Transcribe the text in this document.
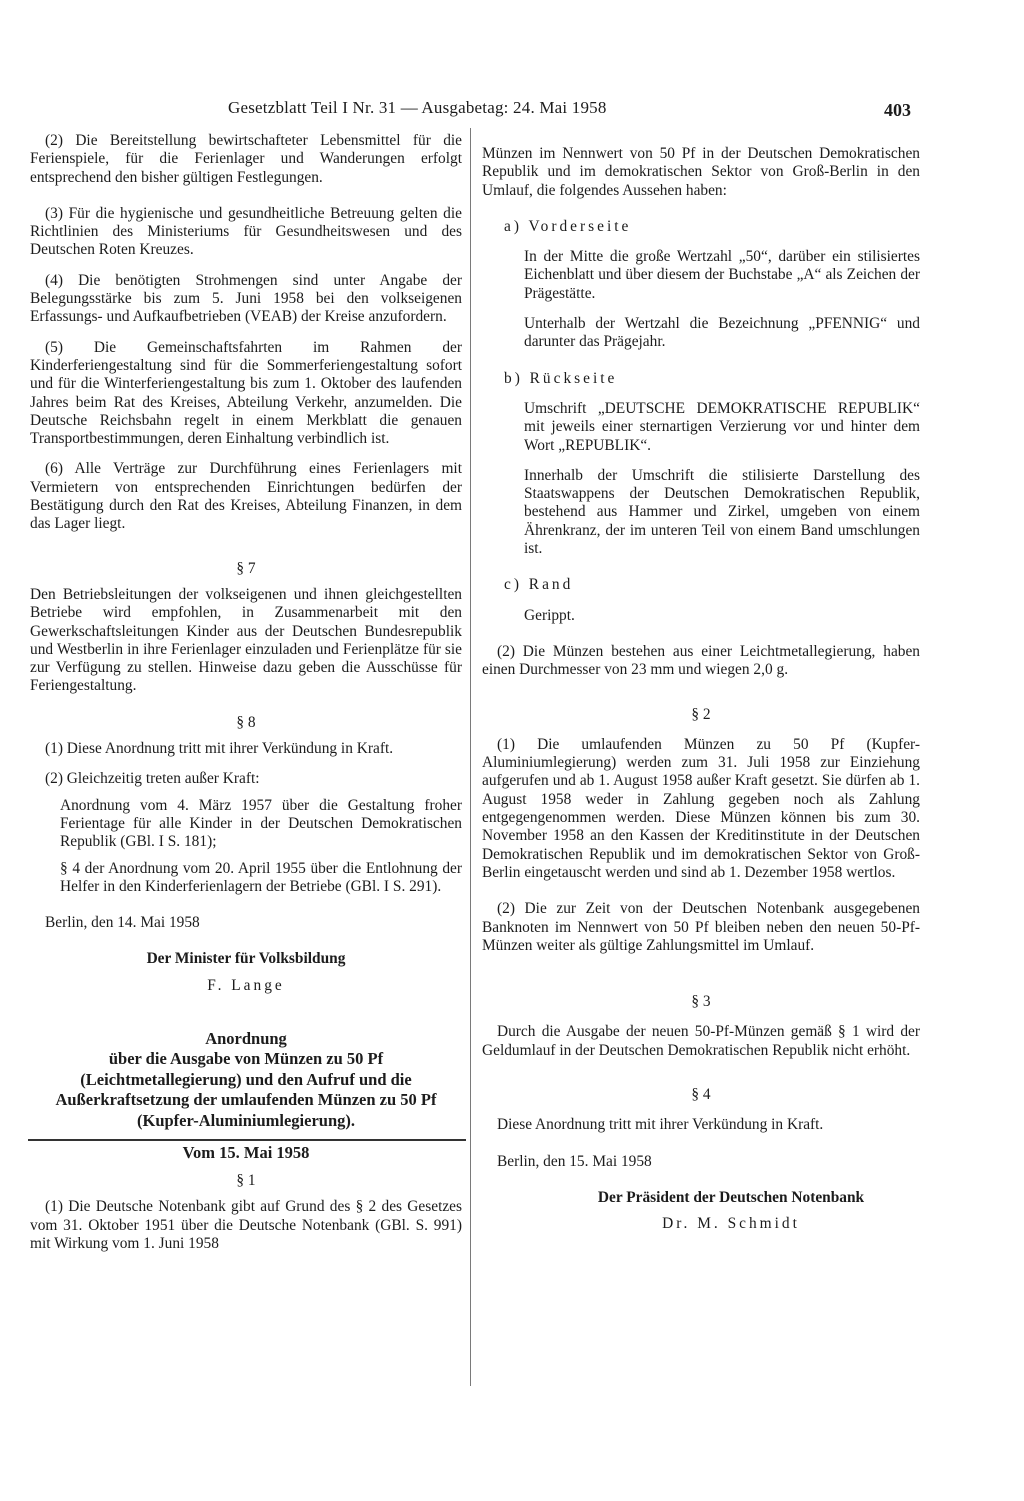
Gesetzblatt Teil I Nr. 31 — Ausgabetag: 24. Mai 1958	403

(2) Die Bereitstellung bewirtschafteter Lebensmittel für die Ferienspiele, für die Ferienlager und Wanderungen erfolgt entsprechend den bisher gültigen Festlegungen.

(3) Für die hygienische und gesundheitliche Betreuung gelten die Richtlinien des Ministeriums für Gesundheitswesen und des Deutschen Roten Kreuzes.

(4) Die benötigten Strohmengen sind unter Angabe der Belegungsstärke bis zum 5. Juni 1958 bei den volkseigenen Erfassungs- und Aufkaufbetrieben (VEAB) der Kreise anzufordern.

(5) Die Gemeinschaftsfahrten im Rahmen der Kinderferiengestaltung sind für die Sommerferiengestaltung sofort und für die Winterferiengestaltung bis zum 1. Oktober des laufenden Jahres beim Rat des Kreises, Abteilung Verkehr, anzumelden. Die Deutsche Reichsbahn regelt in einem Merkblatt die genauen Transportbestimmungen, deren Einhaltung verbindlich ist.

(6) Alle Verträge zur Durchführung eines Ferienlagers mit Vermietern von entsprechenden Einrichtungen bedürfen der Bestätigung durch den Rat des Kreises, Abteilung Finanzen, in dem das Lager liegt.

§ 7

Den Betriebsleitungen der volkseigenen und ihnen gleichgestellten Betriebe wird empfohlen, in Zusammenarbeit mit den Gewerkschaftsleitungen Kinder aus der Deutschen Bundesrepublik und Westberlin in ihre Ferienlager einzuladen und Ferienplätze für sie zur Verfügung zu stellen. Hinweise dazu geben die Ausschüsse für Feriengestaltung.

§ 8

(1) Diese Anordnung tritt mit ihrer Verkündung in Kraft.

(2) Gleichzeitig treten außer Kraft:

Anordnung vom 4. März 1957 über die Gestaltung froher Ferientage für alle Kinder in der Deutschen Demokratischen Republik (GBl. I S. 181);

§ 4 der Anordnung vom 20. April 1955 über die Entlohnung der Helfer in den Kinderferienlagern der Betriebe (GBl. I S. 291).

Berlin, den 14. Mai 1958

Der Minister für Volksbildung

F. Lange

Anordnung

über die Ausgabe von Münzen zu 50 Pf (Leichtmetallegierung) und den Aufruf und die Außerkraftsetzung der umlaufenden Münzen zu 50 Pf (Kupfer-Aluminiumlegierung).

Vom 15. Mai 1958

§ 1

(1) Die Deutsche Notenbank gibt auf Grund des § 2 des Gesetzes vom 31. Oktober 1951 über die Deutsche Notenbank (GBl. S. 991) mit Wirkung vom 1. Juni 1958

Münzen im Nennwert von 50 Pf in der Deutschen Demokratischen Republik und im demokratischen Sektor von Groß-Berlin in den Umlauf, die folgendes Aussehen haben:

a) Vorderseite

In der Mitte die große Wertzahl „50“, darüber ein stilisiertes Eichenblatt und über diesem der Buchstabe „A“ als Zeichen der Prägestätte.

Unterhalb der Wertzahl die Bezeichnung „PFENNIG“ und darunter das Prägejahr.

b) Rückseite

Umschrift „DEUTSCHE DEMOKRATISCHE REPUBLIK“ mit jeweils einer sternartigen Verzierung vor und hinter dem Wort „REPUBLIK“.

Innerhalb der Umschrift die stilisierte Darstellung des Staatswappens der Deutschen Demokratischen Republik, bestehend aus Hammer und Zirkel, umgeben von einem Ährenkranz, der im unteren Teil von einem Band umschlungen ist.

c) Rand

Gerippt.

(2) Die Münzen bestehen aus einer Leichtmetallegierung, haben einen Durchmesser von 23 mm und wiegen 2,0 g.

§ 2

(1) Die umlaufenden Münzen zu 50 Pf (Kupfer-Aluminiumlegierung) werden zum 31. Juli 1958 zur Einziehung aufgerufen und ab 1. August 1958 außer Kraft gesetzt. Sie dürfen ab 1. August 1958 weder in Zahlung gegeben noch als Zahlung entgegengenommen werden. Diese Münzen können bis zum 30. November 1958 an den Kassen der Kreditinstitute in der Deutschen Demokratischen Republik und im demokratischen Sektor von Groß-Berlin eingetauscht werden und sind ab 1. Dezember 1958 wertlos.

(2) Die zur Zeit von der Deutschen Notenbank ausgegebenen Banknoten im Nennwert von 50 Pf bleiben neben den neuen 50-Pf-Münzen weiter als gültige Zahlungsmittel im Umlauf.

§ 3

Durch die Ausgabe der neuen 50-Pf-Münzen gemäß § 1 wird der Geldumlauf in der Deutschen Demokratischen Republik nicht erhöht.

§ 4

Diese Anordnung tritt mit ihrer Verkündung in Kraft.

Berlin, den 15. Mai 1958

Der Präsident der Deutschen Notenbank

Dr. M. Schmidt
